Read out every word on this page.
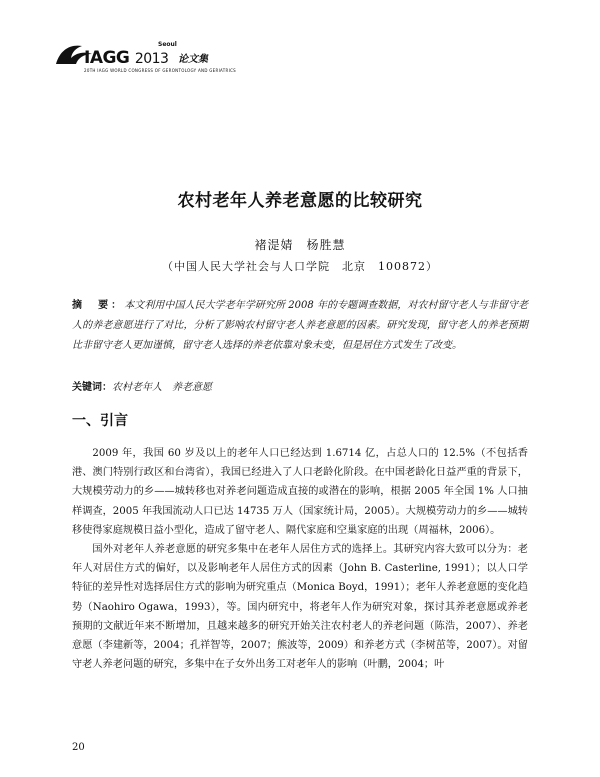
IAGG 2013
Seoul
20TH IAGG WORLD CONGRESS OF GERONTOLOGY AND GERIATRICS
论文集
农村老年人养老意愿的比较研究
褚湜婧　杨胜慧
（中国人民大学社会与人口学院　北京　100872）
摘　要：本文利用中国人民大学老年学研究所 2008 年的专题调查数据，对农村留守老人与非留守老人的养老意愿进行了对比，分析了影响农村留守老人养老意愿的因素。研究发现，留守老人的养老预期比非留守老人更加谨慎，留守老人选择的养老依靠对象未变，但是居住方式发生了改变。
关键词：农村老年人　养老意愿
一、引言

2009 年，我国 60 岁及以上的老年人口已经达到 1.6714 亿，占总人口的 12.5%（不包括香港、澳门特别行政区和台湾省），我国已经进入了人口老龄化阶段。在中国老龄化日益严重的背景下，大规模劳动力的乡——城转移也对养老问题造成直接的或潜在的影响，根据 2005 年全国 1% 人口抽样调查，2005 年我国流动人口已达 14735 万人（国家统计局，2005）。大规模劳动力的乡——城转移使得家庭规模日益小型化，造成了留守老人、隔代家庭和空巢家庭的出现（周福林，2006）。

国外对老年人养老意愿的研究多集中在老年人居住方式的选择上。其研究内容大致可以分为：老年人对居住方式的偏好，以及影响老年人居住方式的因素（John B. Casterline, 1991）；以人口学特征的差异性对选择居住方式的影响为研究重点（Monica Boyd，1991）；老年人养老意愿的变化趋势（Naohiro Ogawa，1993），等。国内研究中，将老年人作为研究对象，探讨其养老意愿或养老预期的文献近年来不断增加，且越来越多的研究开始关注农村老人的养老问题（陈浩，2007）、养老意愿（李建新等，2004；孔祥智等，2007；熊波等，2009）和养老方式（李树茁等，2007）。对留守老人养老问题的研究，多集中在子女外出务工对老年人的影响（叶鹏，2004；叶

20
